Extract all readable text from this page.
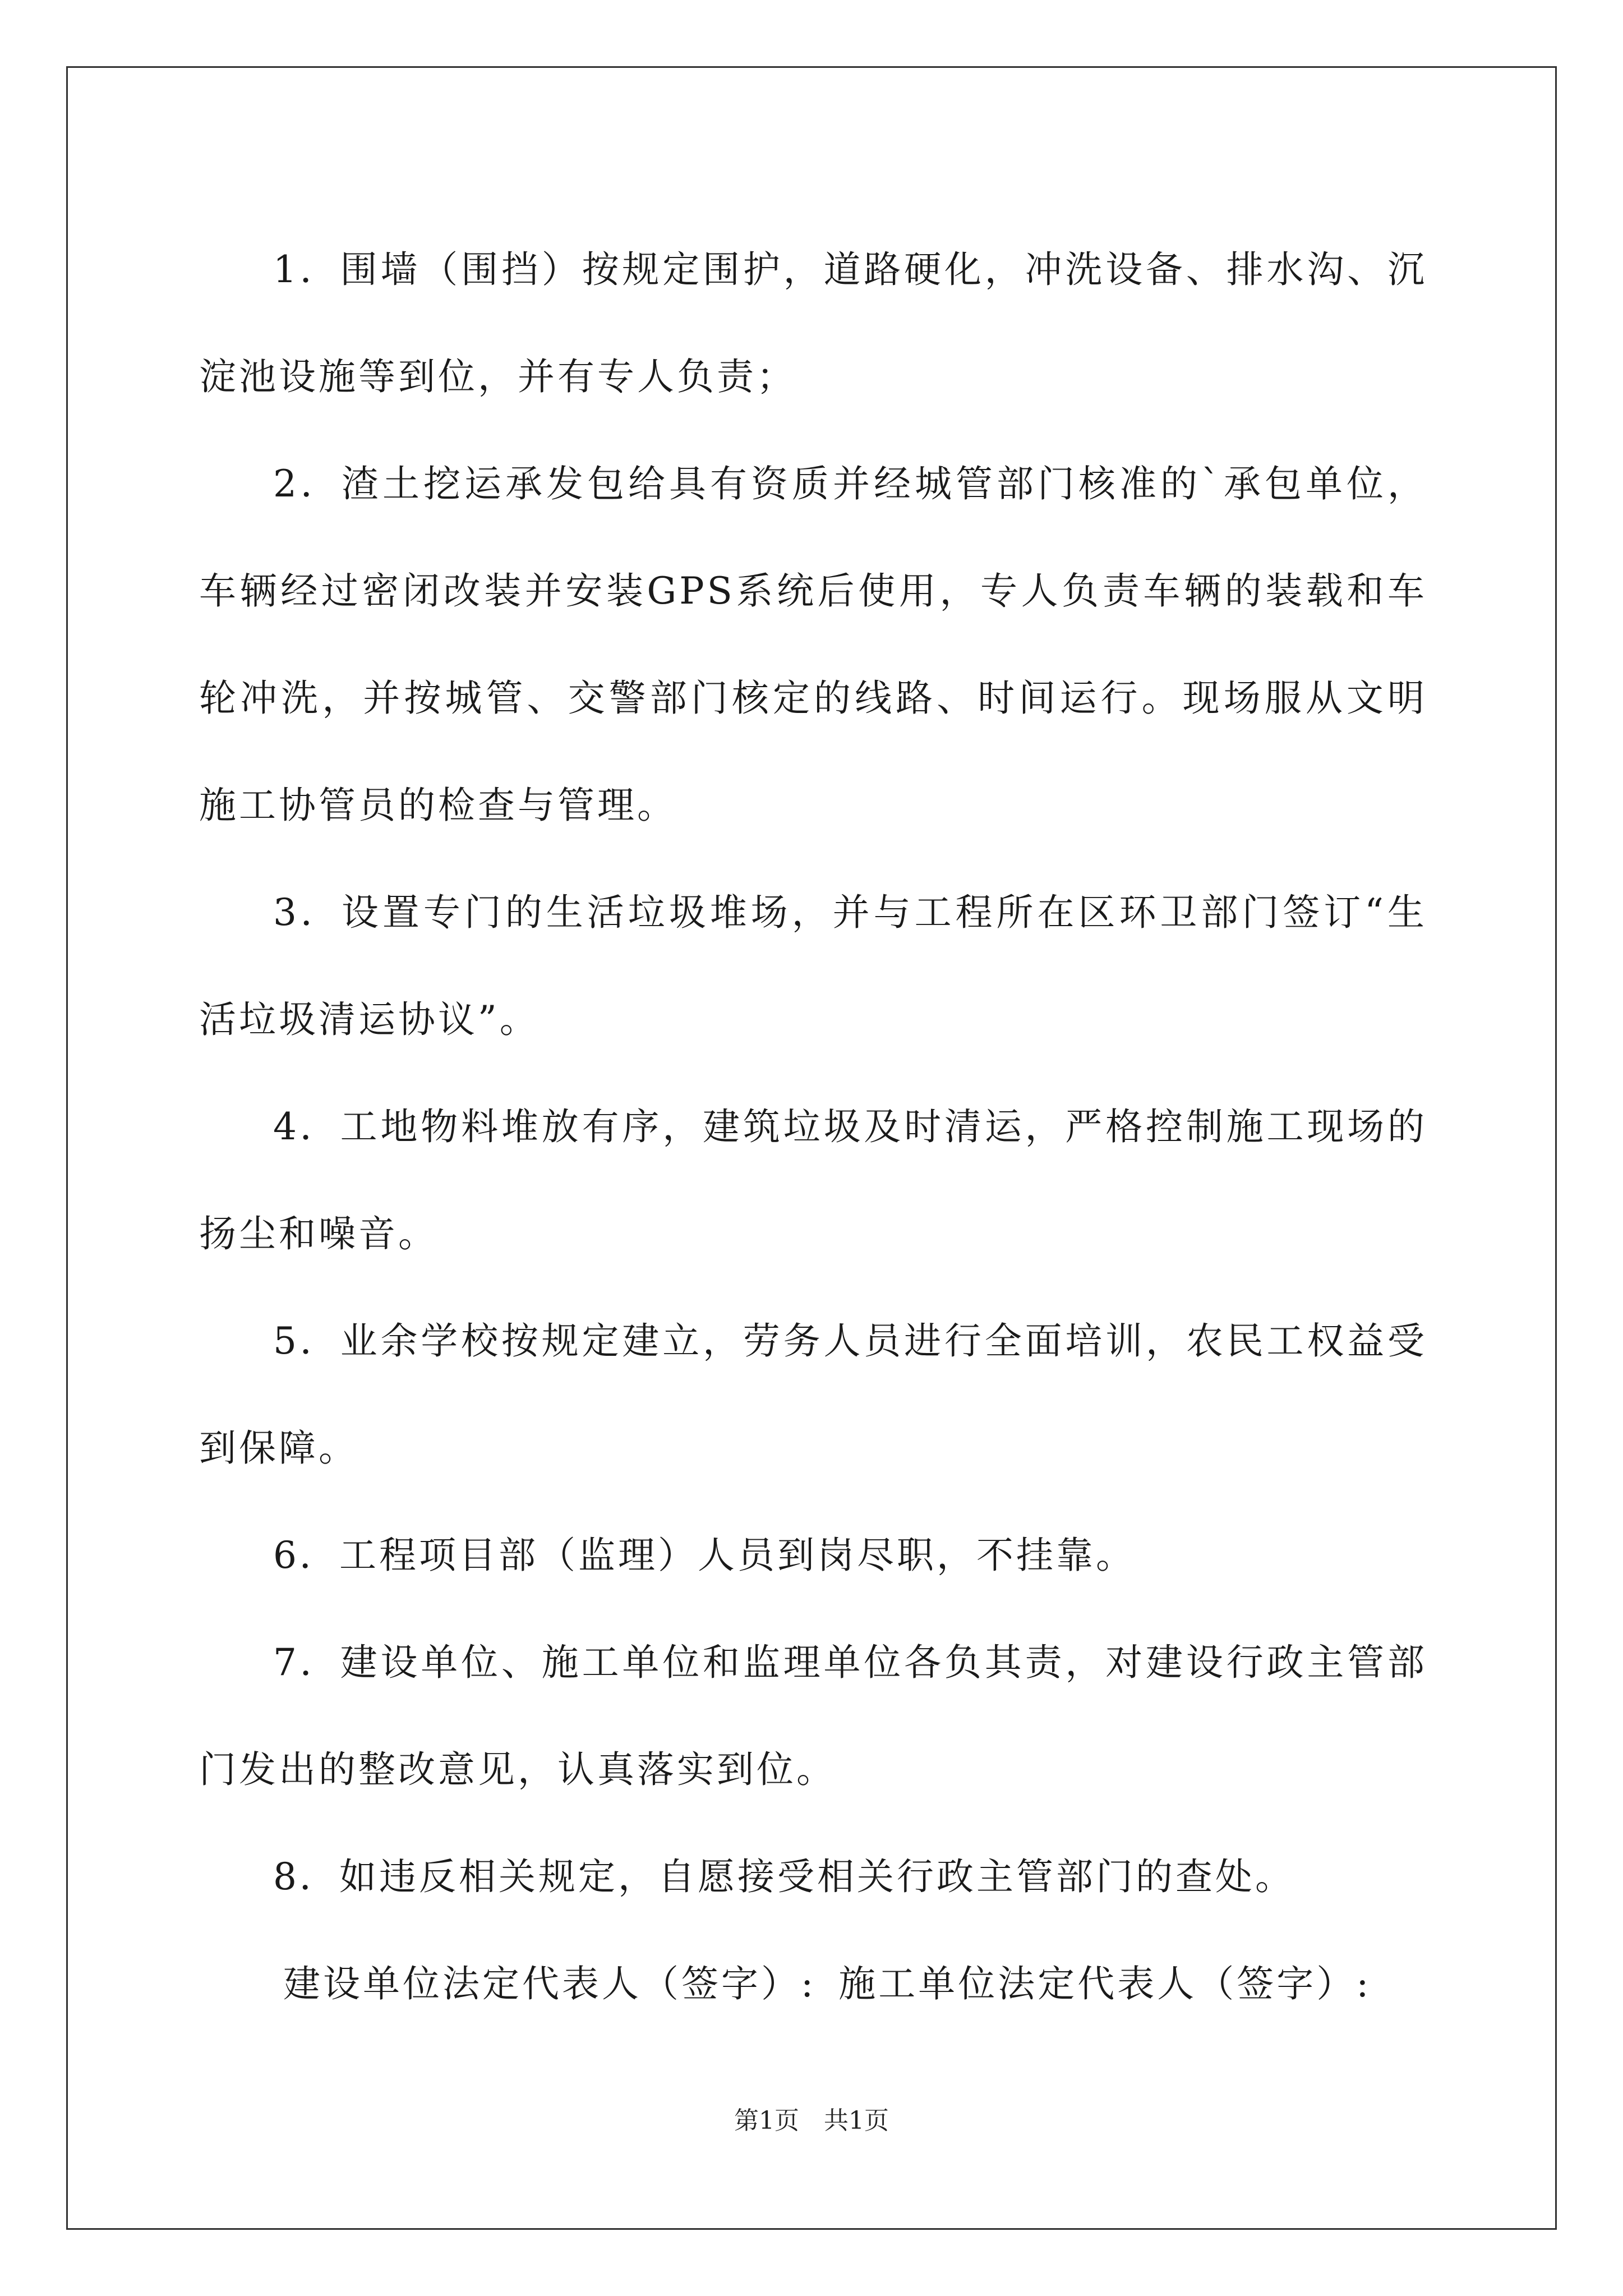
1．围墙（围挡）按规定围护，道路硬化，冲洗设备、排水沟、沉淀池设施等到位，并有专人负责；

2．渣土挖运承发包给具有资质并经城管部门核准的`承包单位，车辆经过密闭改装并安装GPS系统后使用，专人负责车辆的装载和车轮冲洗，并按城管、交警部门核定的线路、时间运行。现场服从文明施工协管员的检查与管理。

3．设置专门的生活垃圾堆场，并与工程所在区环卫部门签订“生活垃圾清运协议”。

4．工地物料堆放有序，建筑垃圾及时清运，严格控制施工现场的扬尘和噪音。

5．业余学校按规定建立，劳务人员进行全面培训，农民工权益受到保障。

6．工程项目部（监理）人员到岗尽职，不挂靠。

7．建设单位、施工单位和监理单位各负其责，对建设行政主管部门发出的整改意见，认真落实到位。

8．如违反相关规定，自愿接受相关行政主管部门的查处。

建设单位法定代表人（签字）: 施工单位法定代表人（签字）:

第1页 共1页
